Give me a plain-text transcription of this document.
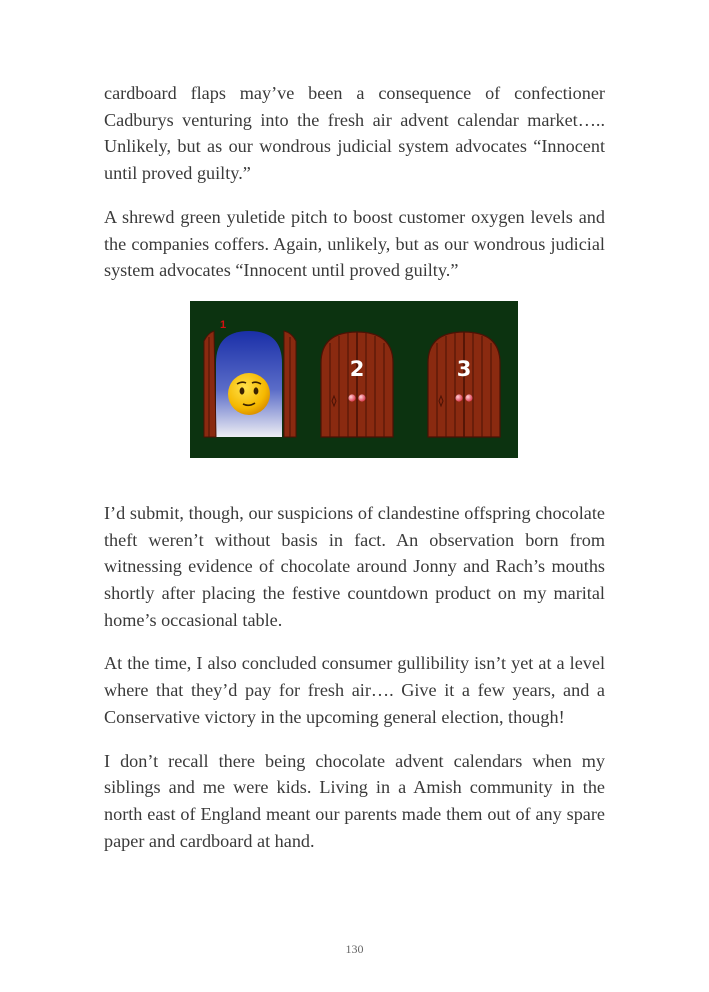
cardboard flaps may’ve been a consequence of confectioner Cadburys venturing into the fresh air advent calendar market….. Unlikely, but as our wondrous judicial system advocates “Innocent until proved guilty.”

A shrewd green yuletide pitch to boost customer oxygen levels and the companies coffers. Again, unlikely, but as our wondrous judicial system advocates “Innocent until proved guilty.”

1
2	3

I’d submit, though, our suspicions of clandestine offspring chocolate theft weren’t without basis in fact. An observation born from witnessing evidence of chocolate around Jonny and Rach’s mouths shortly after placing the festive countdown product on my marital home’s occasional table.

At the time, I also concluded consumer gullibility isn’t yet at a level where that they’d pay for fresh air…. Give it a few years, and a Conservative victory in the upcoming general election, though!

I don’t recall there being chocolate advent calendars when my siblings and me were kids. Living in a Amish community in the north east of England meant our parents made them out of any spare paper and cardboard at hand.

130
